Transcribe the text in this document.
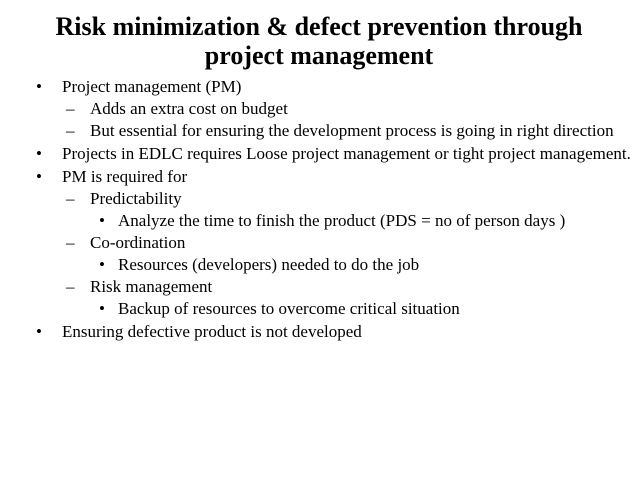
Risk minimization & defect prevention through
project management
• Project management (PM)
– Adds an extra cost on budget
– But essential for ensuring the development process is going in right direction
• Projects in EDLC requires Loose project management or tight project management.
• PM is required for
– Predictability
• Analyze the time to finish the product (PDS = no of person days )
– Co-ordination
• Resources (developers) needed to do the job
– Risk management
• Backup of resources to overcome critical situation
• Ensuring defective product is not developed
